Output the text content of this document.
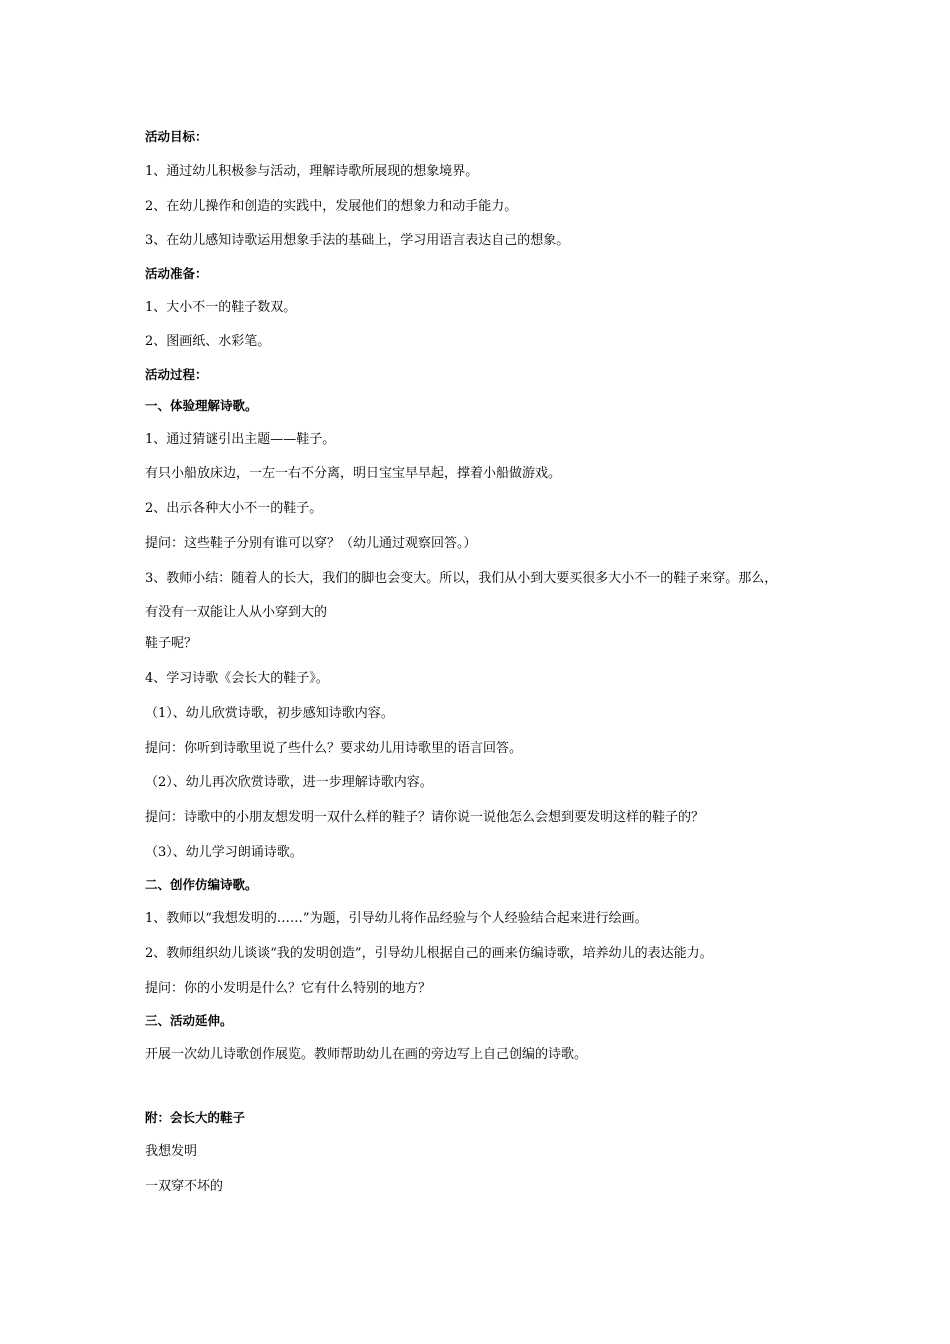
活动目标：
1、通过幼儿积极参与活动，理解诗歌所展现的想象境界。
2、在幼儿操作和创造的实践中，发展他们的想象力和动手能力。
3、在幼儿感知诗歌运用想象手法的基础上，学习用语言表达自己的想象。
活动准备：
1、大小不一的鞋子数双。
2、图画纸、水彩笔。
活动过程：
一、体验理解诗歌。
1、通过猜谜引出主题——鞋子。
有只小船放床边，一左一右不分离，明日宝宝早早起，撑着小船做游戏。
2、出示各种大小不一的鞋子。
提问：这些鞋子分别有谁可以穿？（幼儿通过观察回答。）
3、教师小结：随着人的长大，我们的脚也会变大。所以，我们从小到大要买很多大小不一的鞋子来穿。那么，
有没有一双能让人从小穿到大的
鞋子呢？
4、学习诗歌《会长大的鞋子》。
（1）、幼儿欣赏诗歌，初步感知诗歌内容。
提问：你听到诗歌里说了些什么？要求幼儿用诗歌里的语言回答。
（2）、幼儿再次欣赏诗歌，进一步理解诗歌内容。
提问：诗歌中的小朋友想发明一双什么样的鞋子？请你说一说他怎么会想到要发明这样的鞋子的？
（3）、幼儿学习朗诵诗歌。
二、创作仿编诗歌。
1、教师以“我想发明的……”为题，引导幼儿将作品经验与个人经验结合起来进行绘画。
2、教师组织幼儿谈谈“我的发明创造”，引导幼儿根据自己的画来仿编诗歌，培养幼儿的表达能力。
提问：你的小发明是什么？它有什么特别的地方？
三、活动延伸。
开展一次幼儿诗歌创作展览。教师帮助幼儿在画的旁边写上自己创编的诗歌。
附：会长大的鞋子
我想发明
一双穿不坏的
